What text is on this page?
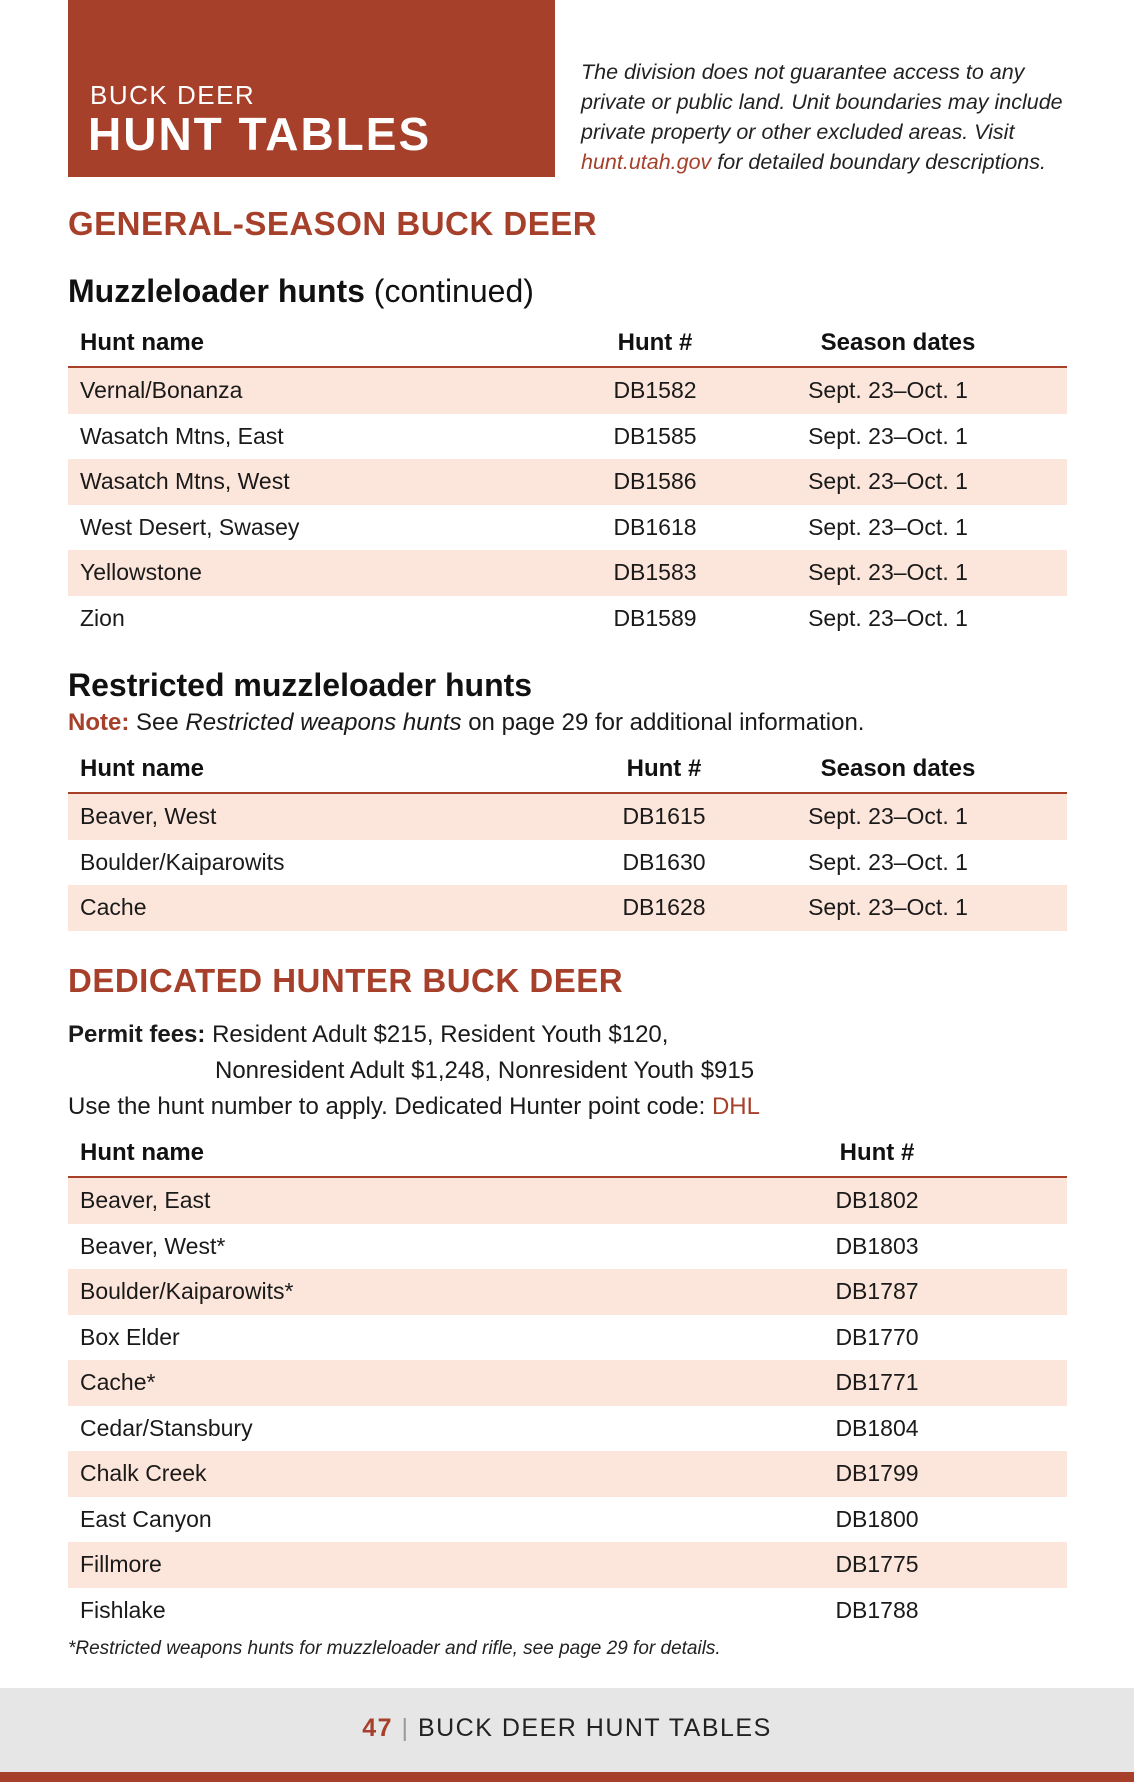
BUCK DEER
HUNT TABLES
The division does not guarantee access to any private or public land. Unit boundaries may include private property or other excluded areas. Visit hunt.utah.gov for detailed boundary descriptions.
GENERAL-SEASON BUCK DEER
Muzzleloader hunts (continued)
Hunt name	Hunt #	Season dates
Vernal/Bonanza	DB1582	Sept. 23–Oct. 1
Wasatch Mtns, East	DB1585	Sept. 23–Oct. 1
Wasatch Mtns, West	DB1586	Sept. 23–Oct. 1
West Desert, Swasey	DB1618	Sept. 23–Oct. 1
Yellowstone	DB1583	Sept. 23–Oct. 1
Zion	DB1589	Sept. 23–Oct. 1
Restricted muzzleloader hunts
Note: See Restricted weapons hunts on page 29 for additional information.
Hunt name	Hunt #	Season dates
Beaver, West	DB1615	Sept. 23–Oct. 1
Boulder/Kaiparowits	DB1630	Sept. 23–Oct. 1
Cache	DB1628	Sept. 23–Oct. 1
DEDICATED HUNTER BUCK DEER
Permit fees: Resident Adult $215, Resident Youth $120,
Nonresident Adult $1,248, Nonresident Youth $915
Use the hunt number to apply. Dedicated Hunter point code: DHL
Hunt name	Hunt #
Beaver, East	DB1802
Beaver, West*	DB1803
Boulder/Kaiparowits*	DB1787
Box Elder	DB1770
Cache*	DB1771
Cedar/Stansbury	DB1804
Chalk Creek	DB1799
East Canyon	DB1800
Fillmore	DB1775
Fishlake	DB1788
*Restricted weapons hunts for muzzleloader and rifle, see page 29 for details.
47 | BUCK DEER HUNT TABLES
